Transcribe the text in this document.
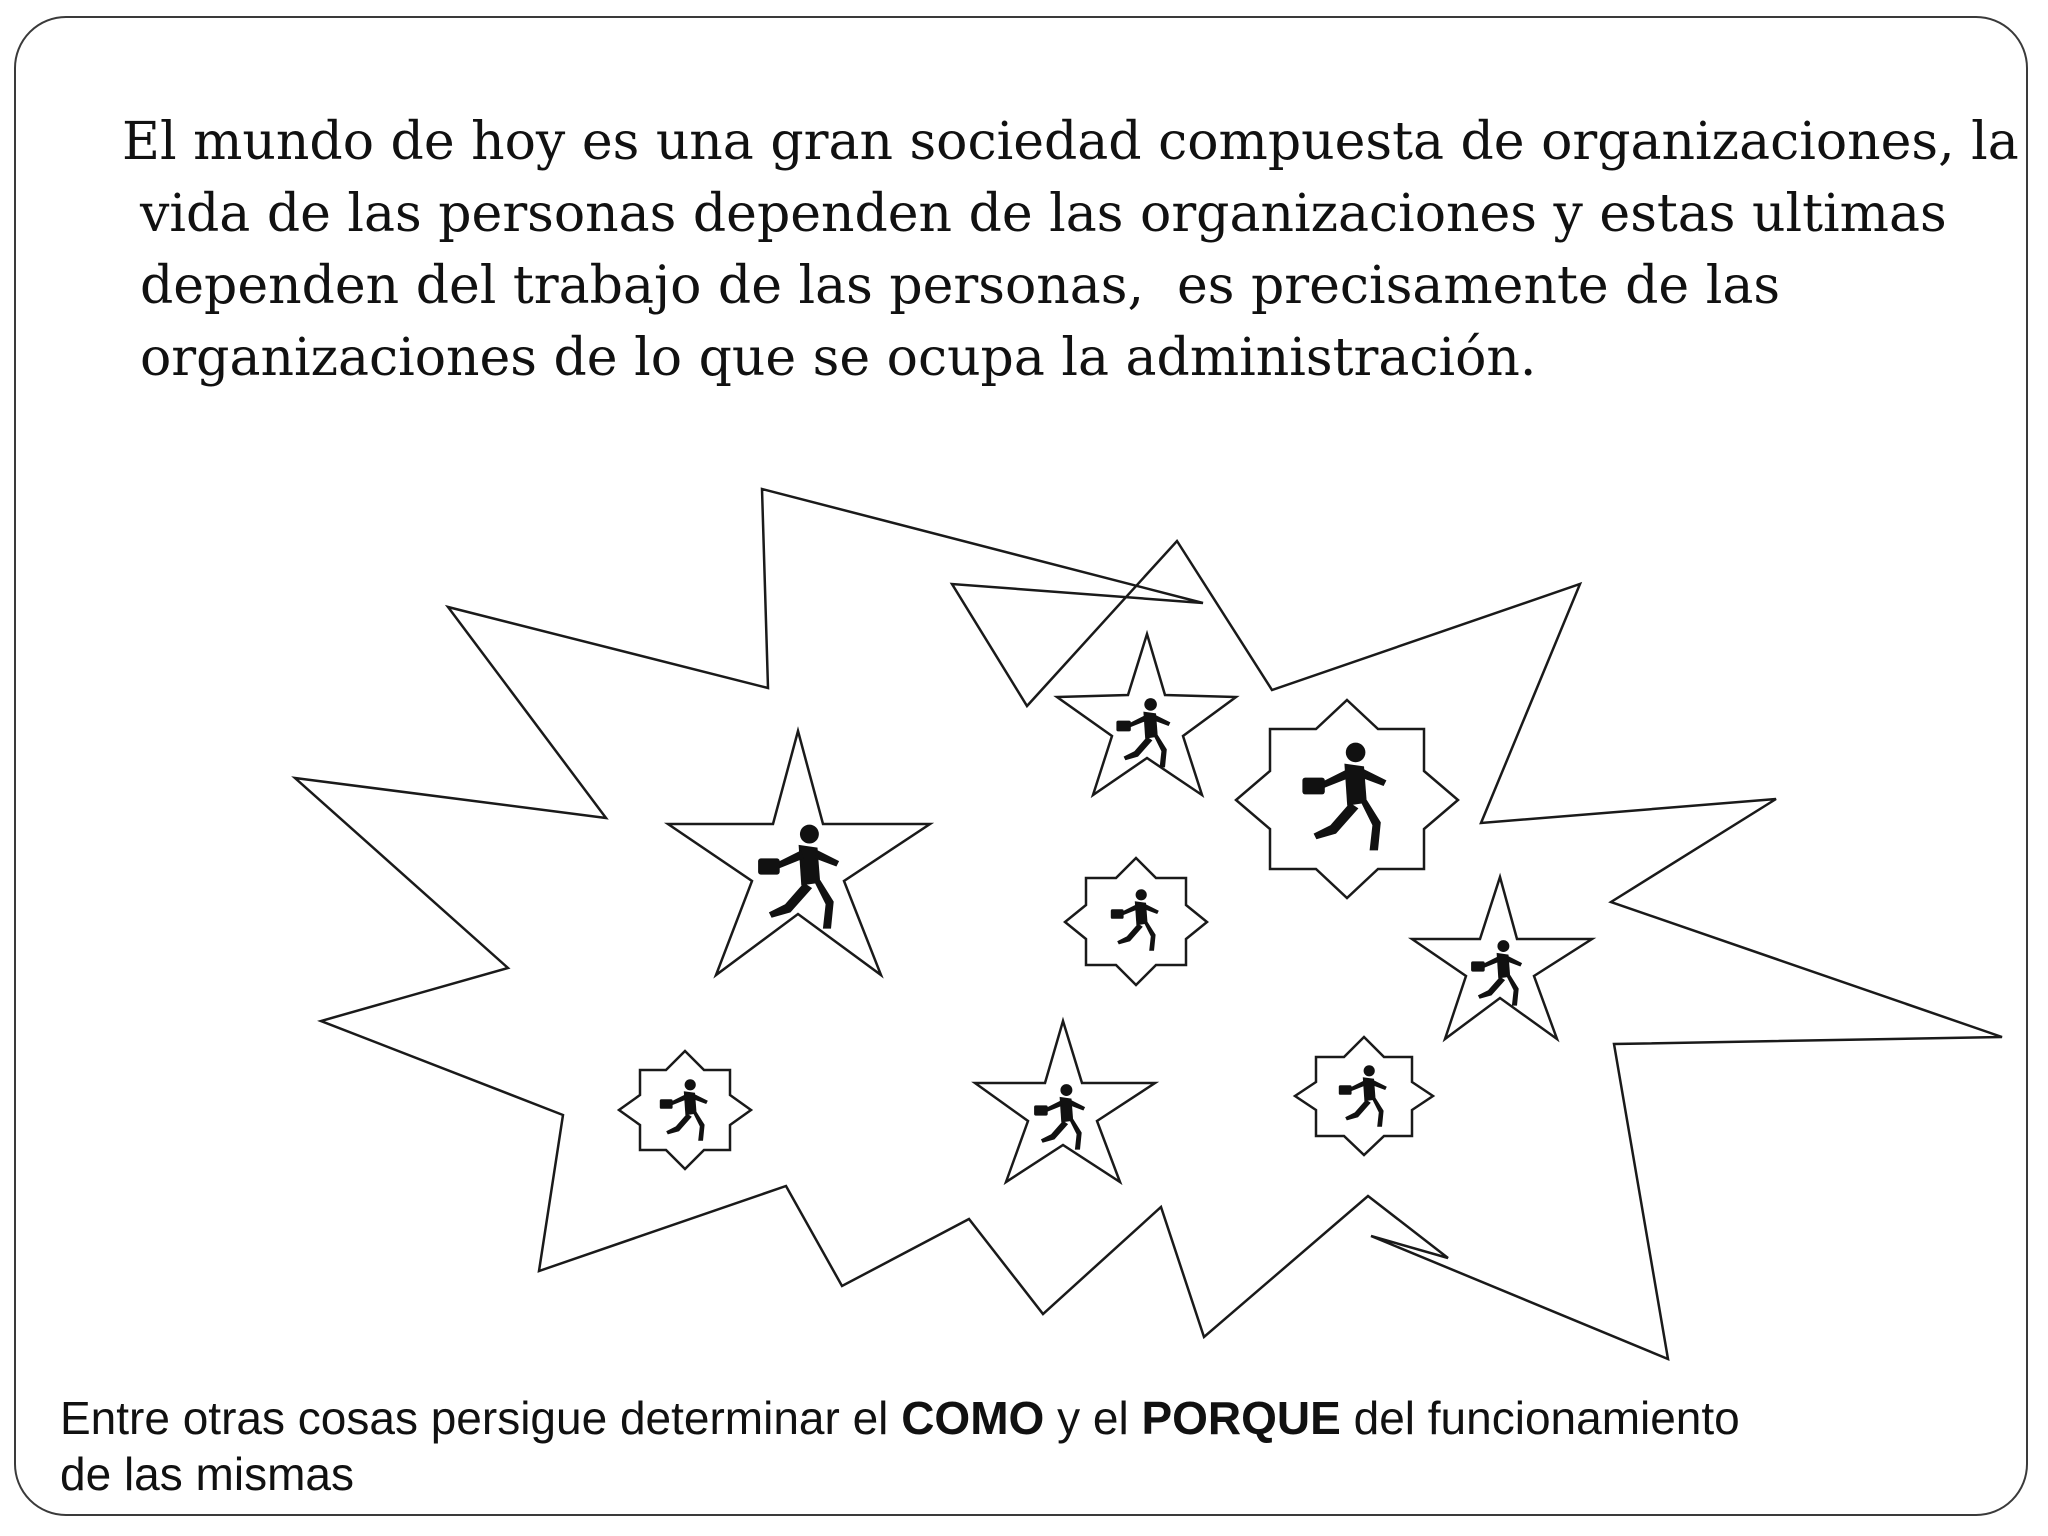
El mundo de hoy es una gran sociedad compuesta de organizaciones, la
vida de las personas dependen de las organizaciones y estas ultimas
dependen del trabajo de las personas,  es precisamente de las
organizaciones de lo que se ocupa la administración.

Entre otras cosas persigue determinar el COMO y el PORQUE del funcionamiento
de las mismas
